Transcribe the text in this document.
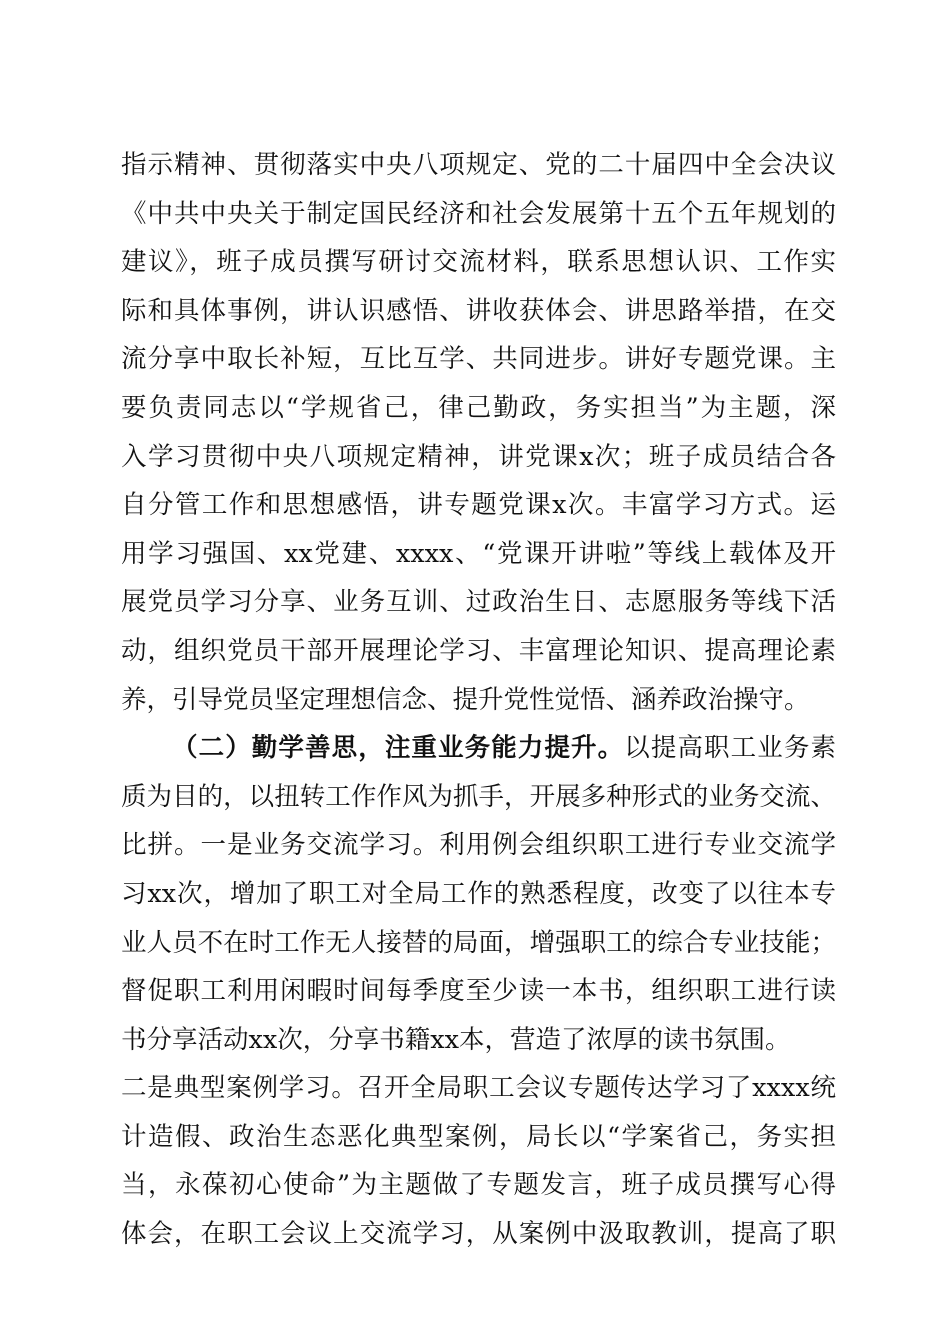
指示精神、贯彻落实中央八项规定、党的二十届四中全会决议
《中共中央关于制定国民经济和社会发展第十五个五年规划的
建议》，班子成员撰写研讨交流材料，联系思想认识、工作实
际和具体事例，讲认识感悟、讲收获体会、讲思路举措，在交
流分享中取长补短，互比互学、共同进步。讲好专题党课。主
要负责同志以“学规省己，律己勤政，务实担当”为主题，深
入学习贯彻中央八项规定精神，讲党课x次；班子成员结合各
自分管工作和思想感悟，讲专题党课x次。丰富学习方式。运
用学习强国、xx党建、xxxx、“党课开讲啦”等线上载体及开
展党员学习分享、业务互训、过政治生日、志愿服务等线下活
动，组织党员干部开展理论学习、丰富理论知识、提高理论素
养，引导党员坚定理想信念、提升党性觉悟、涵养政治操守。
（二）勤学善思，注重业务能力提升。以提高职工业务素
质为目的，以扭转工作作风为抓手，开展多种形式的业务交流、
比拼。一是业务交流学习。利用例会组织职工进行专业交流学
习xx次，增加了职工对全局工作的熟悉程度，改变了以往本专
业人员不在时工作无人接替的局面，增强职工的综合专业技能；
督促职工利用闲暇时间每季度至少读一本书，组织职工进行读
书分享活动xx次，分享书籍xx本，营造了浓厚的读书氛围。
二是典型案例学习。召开全局职工会议专题传达学习了xxxx统
计造假、政治生态恶化典型案例，局长以“学案省己，务实担
当，永葆初心使命”为主题做了专题发言，班子成员撰写心得
体会，在职工会议上交流学习，从案例中汲取教训，提高了职
